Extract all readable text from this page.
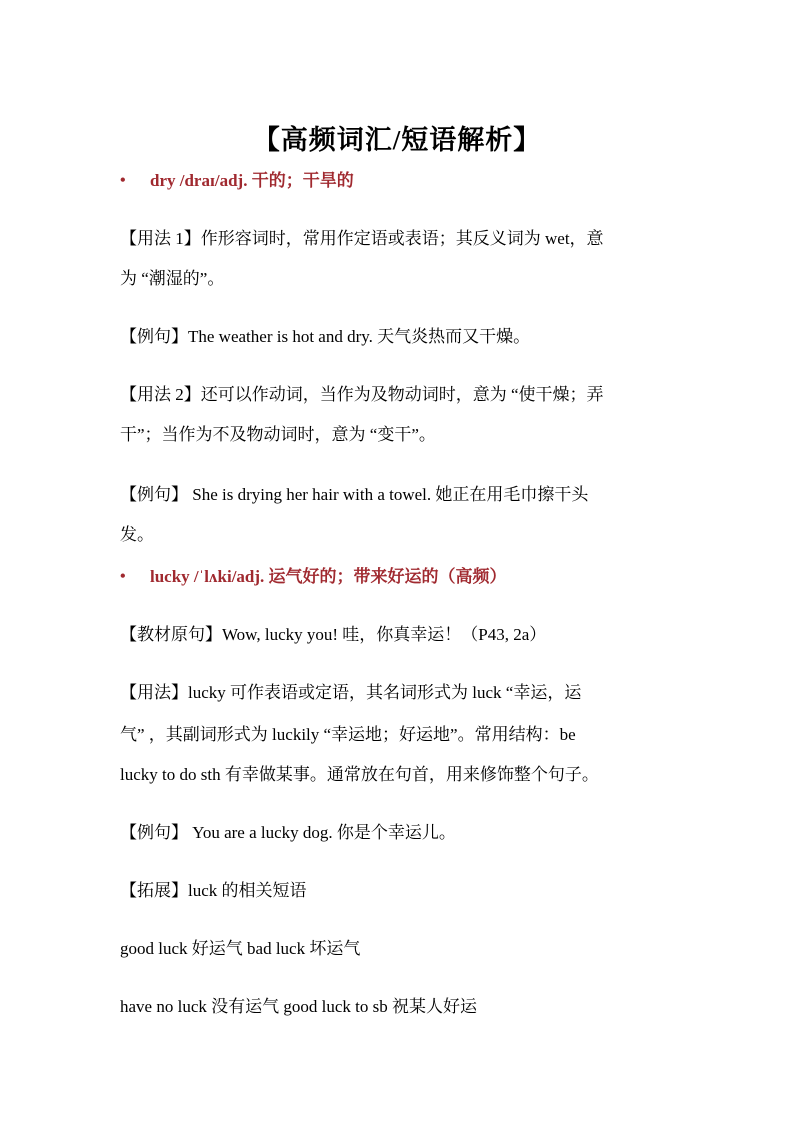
【高频词汇/短语解析】
• dry /draɪ/adj. 干的；干旱的
【用法 1】作形容词时，常用作定语或表语；其反义词为 wet，意
为 “潮湿的”。
【例句】The weather is hot and dry. 天气炎热而又干燥。
【用法 2】还可以作动词，当作为及物动词时，意为 “使干燥；弄
干”；当作为不及物动词时，意为 “变干”。
【例句】 She is drying her hair with a towel. 她正在用毛巾擦干头
发。
• lucky /ˈlʌki/adj. 运气好的；带来好运的（高频）
【教材原句】Wow, lucky you! 哇，你真幸运！（P43, 2a）
【用法】lucky 可作表语或定语，其名词形式为 luck “幸运，运
气” ，其副词形式为 luckily “幸运地；好运地”。常用结构：be
lucky to do sth 有幸做某事。通常放在句首，用来修饰整个句子。
【例句】 You are a lucky dog. 你是个幸运儿。
【拓展】luck 的相关短语
good luck 好运气 bad luck 坏运气
have no luck 没有运气 good luck to sb 祝某人好运
